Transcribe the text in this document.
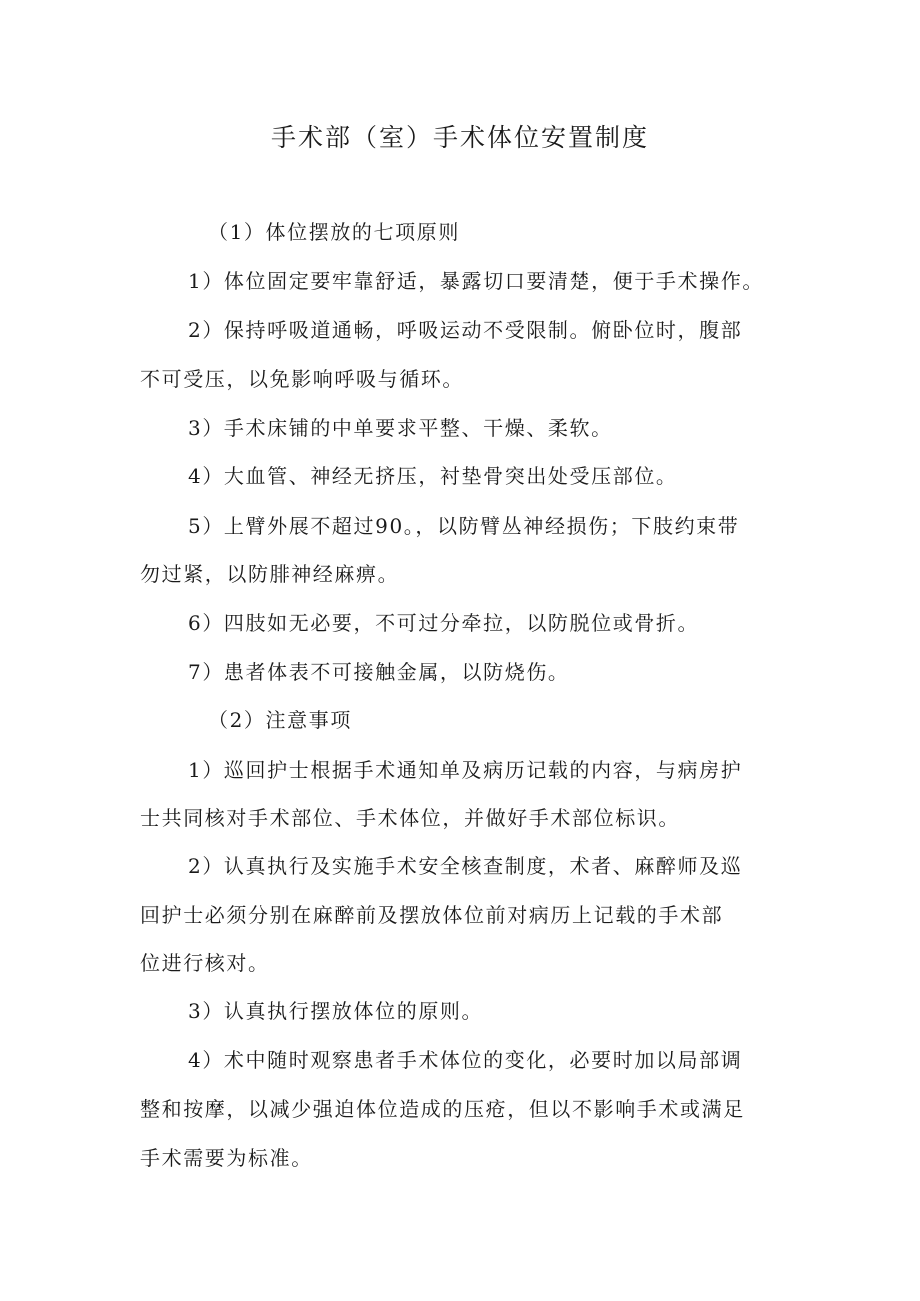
手术部（室）手术体位安置制度
（1）体位摆放的七项原则
1）体位固定要牢靠舒适，暴露切口要清楚，便于手术操作。
2）保持呼吸道通畅，呼吸运动不受限制。俯卧位时，腹部
不可受压，以免影响呼吸与循环。
3）手术床铺的中单要求平整、干燥、柔软。
4）大血管、神经无挤压，衬垫骨突出处受压部位。
5）上臂外展不超过90。，以防臂丛神经损伤；下肢约束带
勿过紧，以防腓神经麻痹。
6）四肢如无必要，不可过分牵拉，以防脱位或骨折。
7）患者体表不可接触金属，以防烧伤。
（2）注意事项
1）巡回护士根据手术通知单及病历记载的内容，与病房护
士共同核对手术部位、手术体位，并做好手术部位标识。
2）认真执行及实施手术安全核查制度，术者、麻醉师及巡
回护士必须分别在麻醉前及摆放体位前对病历上记载的手术部
位进行核对。
3）认真执行摆放体位的原则。
4）术中随时观察患者手术体位的变化，必要时加以局部调
整和按摩，以减少强迫体位造成的压疮，但以不影响手术或满足
手术需要为标准。
